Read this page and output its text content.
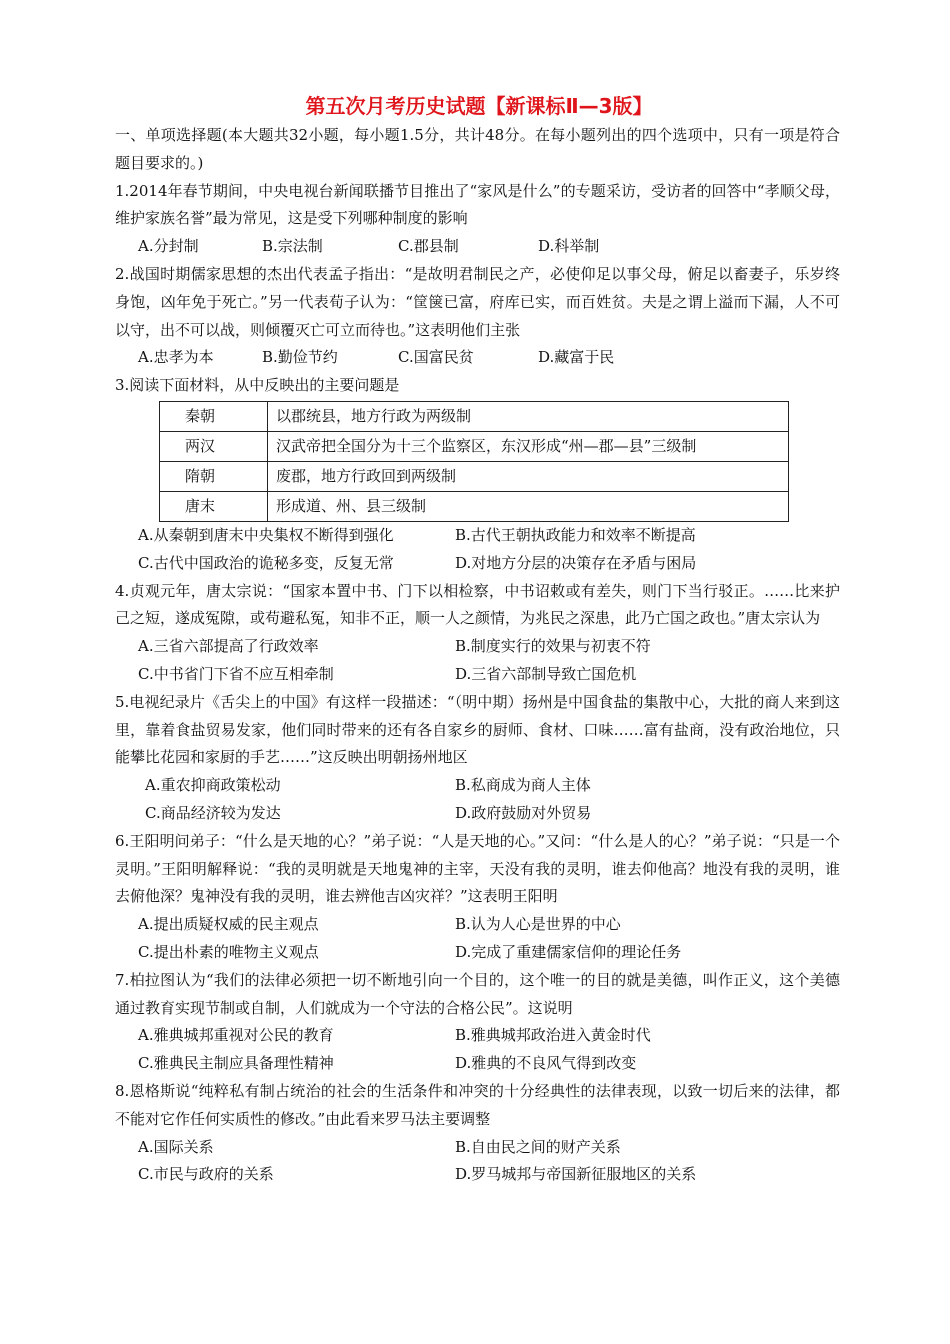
第五次月考历史试题【新课标Ⅱ—3版】

一、单项选择题(本大题共32小题，每小题1.5分，共计48分。在每小题列出的四个选项中，只有一项是符合题目要求的。)

1.2014年春节期间，中央电视台新闻联播节目推出了“家风是什么”的专题采访，受访者的回答中“孝顺父母，维护家族名誉”最为常见，这是受下列哪种制度的影响

A.分封制	B.宗法制	C.郡县制	D.科举制

2.战国时期儒家思想的杰出代表孟子指出：“是故明君制民之产，必使仰足以事父母，俯足以畜妻子，乐岁终身饱，凶年免于死亡。”另一代表荀子认为：“筐箧已富，府库已实，而百姓贫。夫是之谓上溢而下漏，人不可以守，出不可以战，则倾覆灭亡可立而待也。”这表明他们主张

A.忠孝为本	B.勤俭节约	C.国富民贫	D.藏富于民

3.阅读下面材料，从中反映出的主要问题是

秦朝	以郡统县，地方行政为两级制
两汉	汉武帝把全国分为十三个监察区，东汉形成“州—郡—县”三级制
隋朝	废郡，地方行政回到两级制
唐末	形成道、州、县三级制
A.从秦朝到唐末中央集权不断得到强化	B.古代王朝执政能力和效率不断提高
C.古代中国政治的诡秘多变，反复无常	D.对地方分层的决策存在矛盾与困局

4.贞观元年，唐太宗说：“国家本置中书、门下以相检察，中书诏敕或有差失，则门下当行驳正。……比来护己之短，遂成冤隙，或苟避私冤，知非不正，顺一人之颜情，为兆民之深患，此乃亡国之政也。”唐太宗认为

A.三省六部提高了行政效率	B.制度实行的效果与初衷不符
C.中书省门下省不应互相牵制	D.三省六部制导致亡国危机

5.电视纪录片《舌尖上的中国》有这样一段描述：“（明中期）扬州是中国食盐的集散中心，大批的商人来到这里，靠着食盐贸易发家，他们同时带来的还有各自家乡的厨师、食材、口味……富有盐商，没有政治地位，只能攀比花园和家厨的手艺……”这反映出明朝扬州地区

A.重农抑商政策松动	B.私商成为商人主体
C.商品经济较为发达	D.政府鼓励对外贸易

6.王阳明问弟子：“什么是天地的心？”弟子说：“人是天地的心。”又问：“什么是人的心？”弟子说：“只是一个灵明。”王阳明解释说：“我的灵明就是天地鬼神的主宰，天没有我的灵明，谁去仰他高？地没有我的灵明，谁去俯他深？鬼神没有我的灵明，谁去辨他吉凶灾祥？”这表明王阳明

A.提出质疑权威的民主观点	B.认为人心是世界的中心
C.提出朴素的唯物主义观点	D.完成了重建儒家信仰的理论任务

7.柏拉图认为“我们的法律必须把一切不断地引向一个目的，这个唯一的目的就是美德，叫作正义，这个美德通过教育实现节制或自制，人们就成为一个守法的合格公民”。这说明

A.雅典城邦重视对公民的教育	B.雅典城邦政治进入黄金时代
C.雅典民主制应具备理性精神	D.雅典的不良风气得到改变

8.恩格斯说“纯粹私有制占统治的社会的生活条件和冲突的十分经典性的法律表现，以致一切后来的法律，都不能对它作任何实质性的修改。”由此看来罗马法主要调整

A.国际关系	B.自由民之间的财产关系
C.市民与政府的关系	D.罗马城邦与帝国新征服地区的关系
